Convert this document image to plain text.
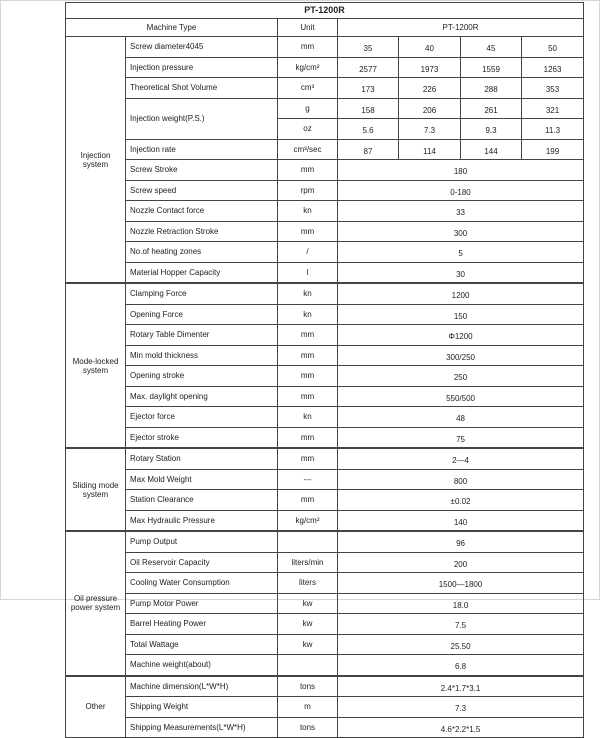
PT-1200R						
Machine Type		Unit	PT-1200R			
Injection system	Screw diameter4045	mm	35	40	45	50
	Injection pressure	kg/cm²	2577	1973	1559	1263
	Theoretical Shot Volume	cm³	173	226	288	353
	Injection weight(P.S.)	g	158	206	261	321
		oz	5.6	7.3	9.3	11.3
	Injection rate	cm³/sec	87	114	144	199
	Screw Stroke	mm	180			
	Screw speed	rpm	0-180			
	Nozzle Contact force	kn	33			
	Nozzle Retraction Stroke	mm	300			
	No.of heating zones	/	5			
	Material Hopper Capacity	l	30			
Mode-locked system	Clamping Force	kn	1200			
	Opening Force	kn	150			
	Rotary Table Dimenter	mm	Φ1200			
	Min mold thickness	mm	300/250			
	Opening stroke	mm	250			
	Max. daylight opening	mm	550/500			
	Ejector force	kn	48			
	Ejector stroke	mm	75			
Sliding mode system	Rotary Station	mm	2—4			
	Max Mold Weight	---	800			
	Station Clearance	mm	±0.02			
	Max Hydraulic Pressure	kg/cm²	140			
Oil pressure power system	Pump Output		96			
	Oil Reservoir Capacity	liters/min	200			
	Cooling Water Consumption	liters	1500—1800			
	Pump Motor Power	kw	18.0			
	Barrel Heating Power	kw	7.5			
	Total Wattage	kw	25.50			
	Machine weight(about)		6.8			
Other	Machine dimension(L*W*H)	tons	2.4*1.7*3.1			
	Shipping Weight	m	7.3			
	Shipping Measurements(L*W*H)	tons	4.6*2.2*1.5			
